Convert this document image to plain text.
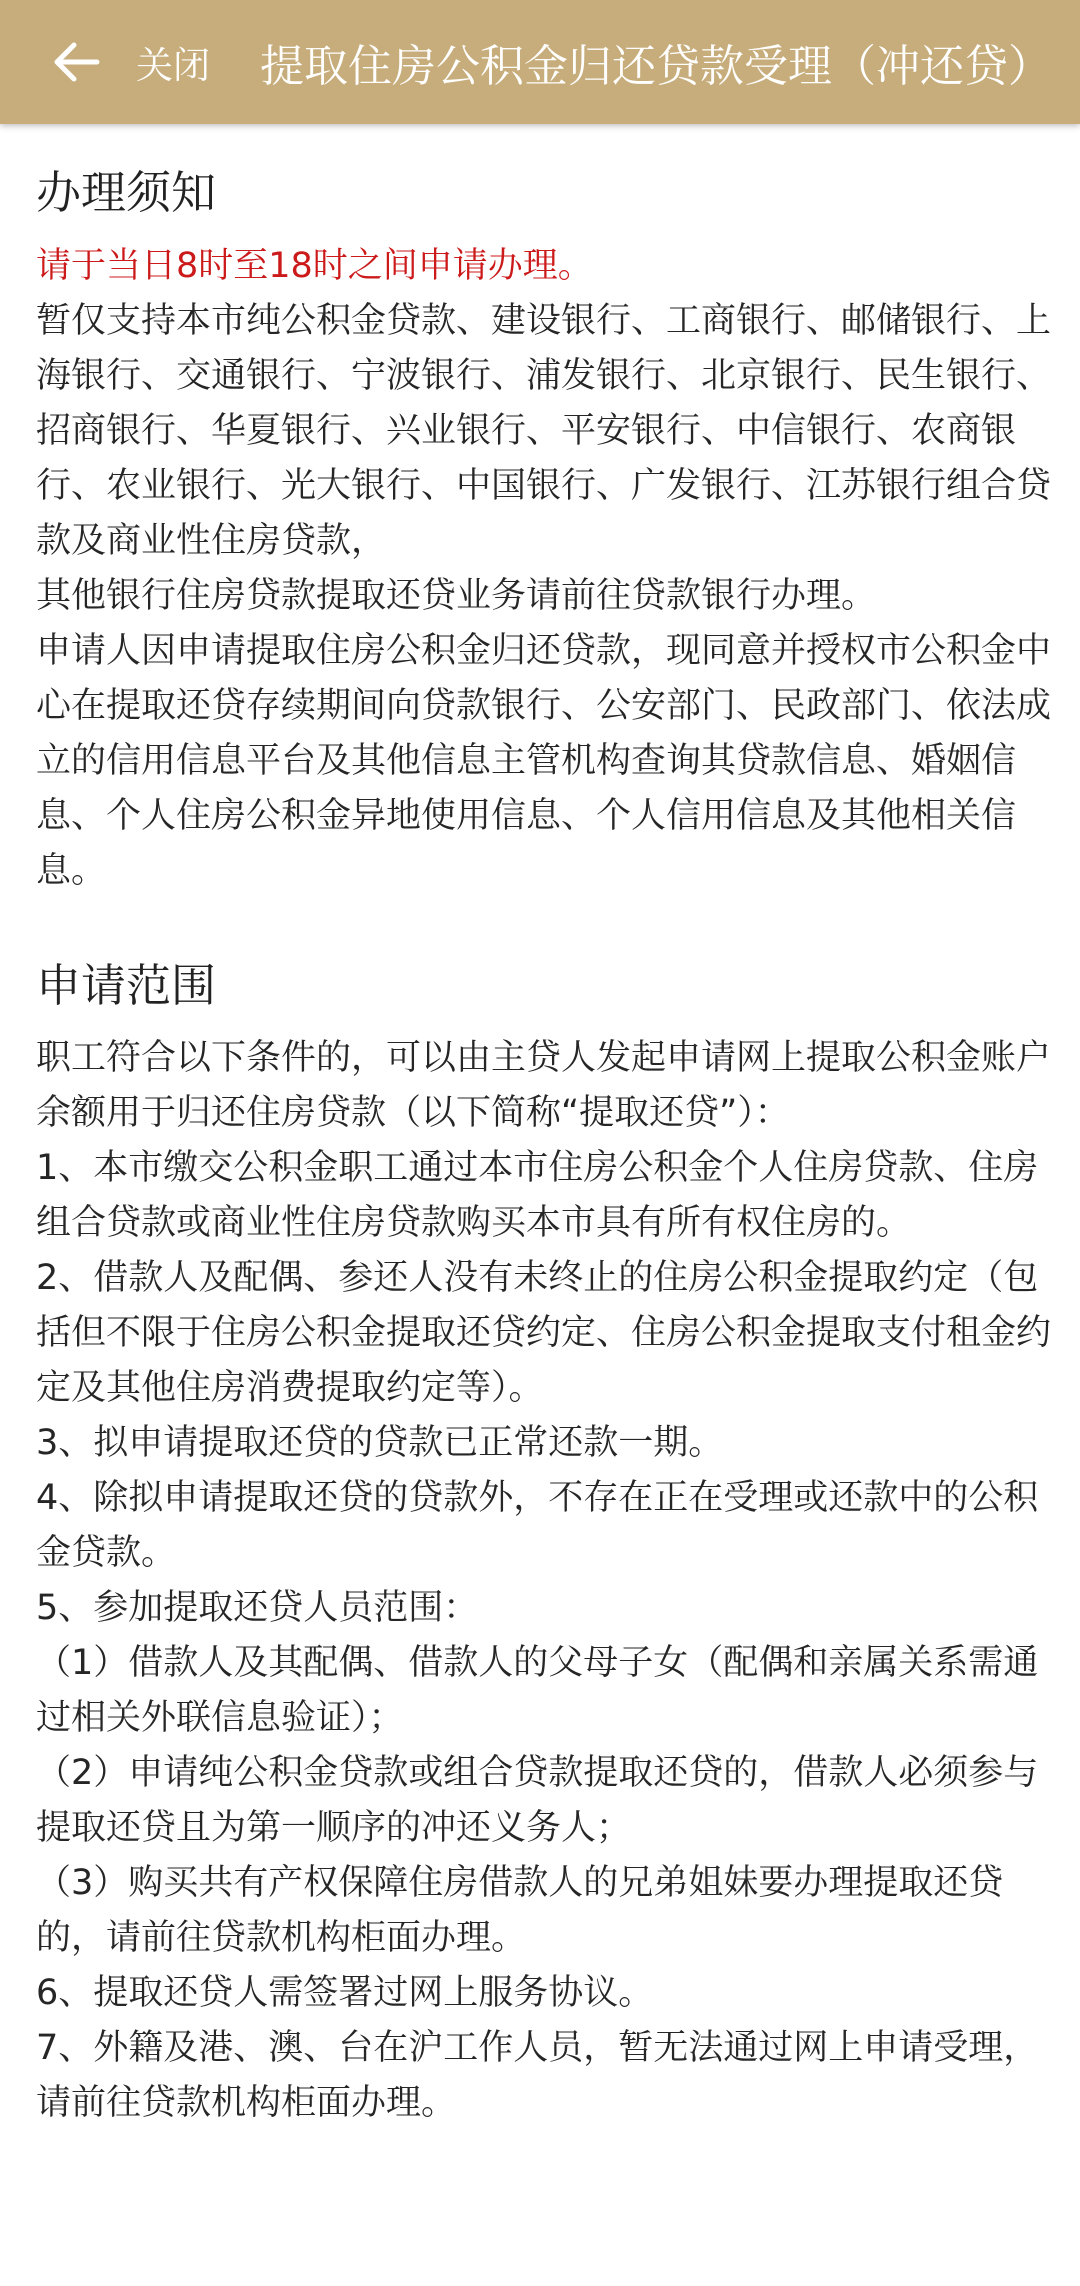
关闭 提取住房公积金归还贷款受理（冲还贷）
办理须知

请于当日8时至18时之间申请办理。

暂仅支持本市纯公积金贷款、建设银行、工商银行、邮储银行、上海银行、交通银行、宁波银行、浦发银行、北京银行、民生银行、招商银行、华夏银行、兴业银行、平安银行、中信银行、农商银行、农业银行、光大银行、中国银行、广发银行、江苏银行组合贷款及商业性住房贷款，

其他银行住房贷款提取还贷业务请前往贷款银行办理。

申请人因申请提取住房公积金归还贷款，现同意并授权市公积金中心在提取还贷存续期间向贷款银行、公安部门、民政部门、依法成立的信用信息平台及其他信息主管机构查询其贷款信息、婚姻信息、个人住房公积金异地使用信息、个人信用信息及其他相关信息。

申请范围

职工符合以下条件的，可以由主贷人发起申请网上提取公积金账户余额用于归还住房贷款（以下简称“提取还贷”）：

1、本市缴交公积金职工通过本市住房公积金个人住房贷款、住房组合贷款或商业性住房贷款购买本市具有所有权住房的。

2、借款人及配偶、参还人没有未终止的住房公积金提取约定（包括但不限于住房公积金提取还贷约定、住房公积金提取支付租金约定及其他住房消费提取约定等）。

3、拟申请提取还贷的贷款已正常还款一期。

4、除拟申请提取还贷的贷款外，不存在正在受理或还款中的公积金贷款。

5、参加提取还贷人员范围：

（1）借款人及其配偶、借款人的父母子女（配偶和亲属关系需通过相关外联信息验证）；

（2）申请纯公积金贷款或组合贷款提取还贷的，借款人必须参与提取还贷且为第一顺序的冲还义务人；

（3）购买共有产权保障住房借款人的兄弟姐妹要办理提取还贷的，请前往贷款机构柜面办理。

6、提取还贷人需签署过网上服务协议。

7、外籍及港、澳、台在沪工作人员，暂无法通过网上申请受理，请前往贷款机构柜面办理。
